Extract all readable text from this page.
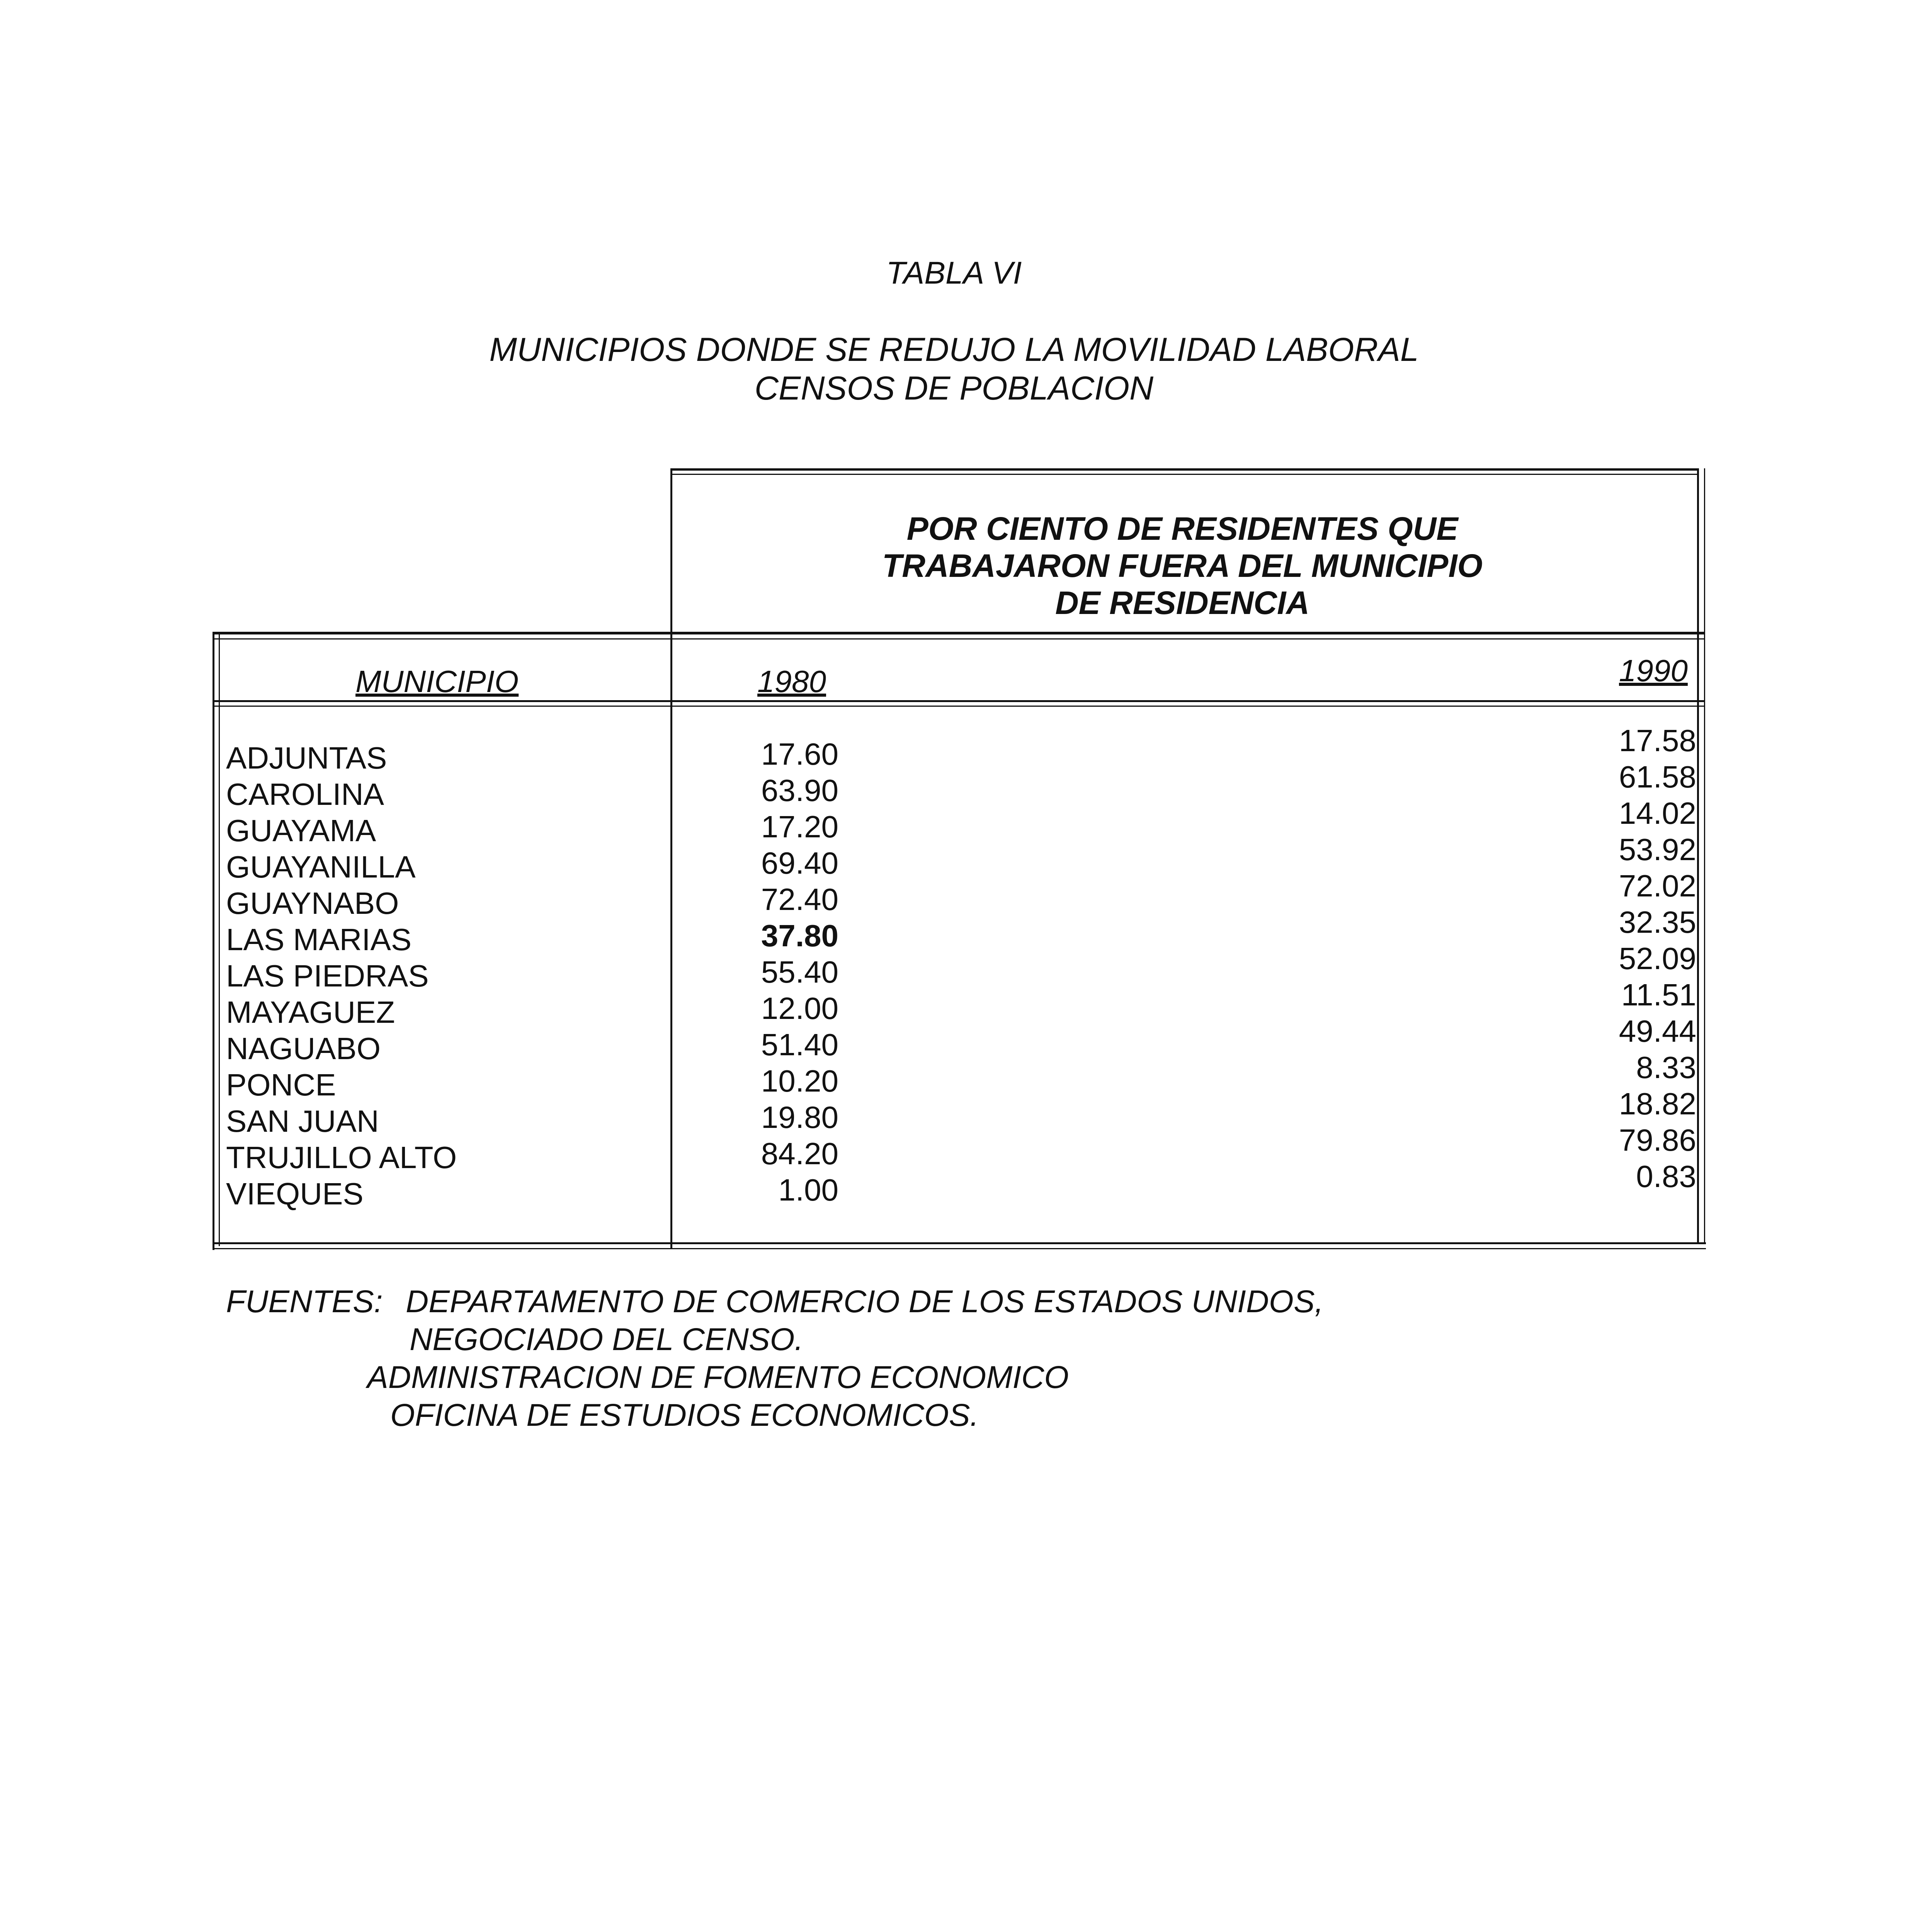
TABLA VI
MUNICIPIOS DONDE SE REDUJO LA MOVILIDAD LABORAL
CENSOS DE POBLACION
POR CIENTO DE RESIDENTES QUE
TRABAJARON FUERA DEL MUNICIPIO
DE RESIDENCIA
MUNICIPIO	1980	1990
ADJUNTAS	17.60	17.58
CAROLINA	63.90	61.58
GUAYAMA	17.20	14.02
GUAYANILLA	69.40	53.92
GUAYNABO	72.40	72.02
LAS MARIAS	37.80	32.35
LAS PIEDRAS	55.40	52.09
MAYAGUEZ	12.00	11.51
NAGUABO	51.40	49.44
PONCE	10.20	8.33
SAN JUAN	19.80	18.82
TRUJILLO ALTO	84.20	79.86
VIEQUES	1.00	0.83
FUENTES: DEPARTAMENTO DE COMERCIO DE LOS ESTADOS UNIDOS,
NEGOCIADO DEL CENSO.
ADMINISTRACION DE FOMENTO ECONOMICO
OFICINA DE ESTUDIOS ECONOMICOS.
